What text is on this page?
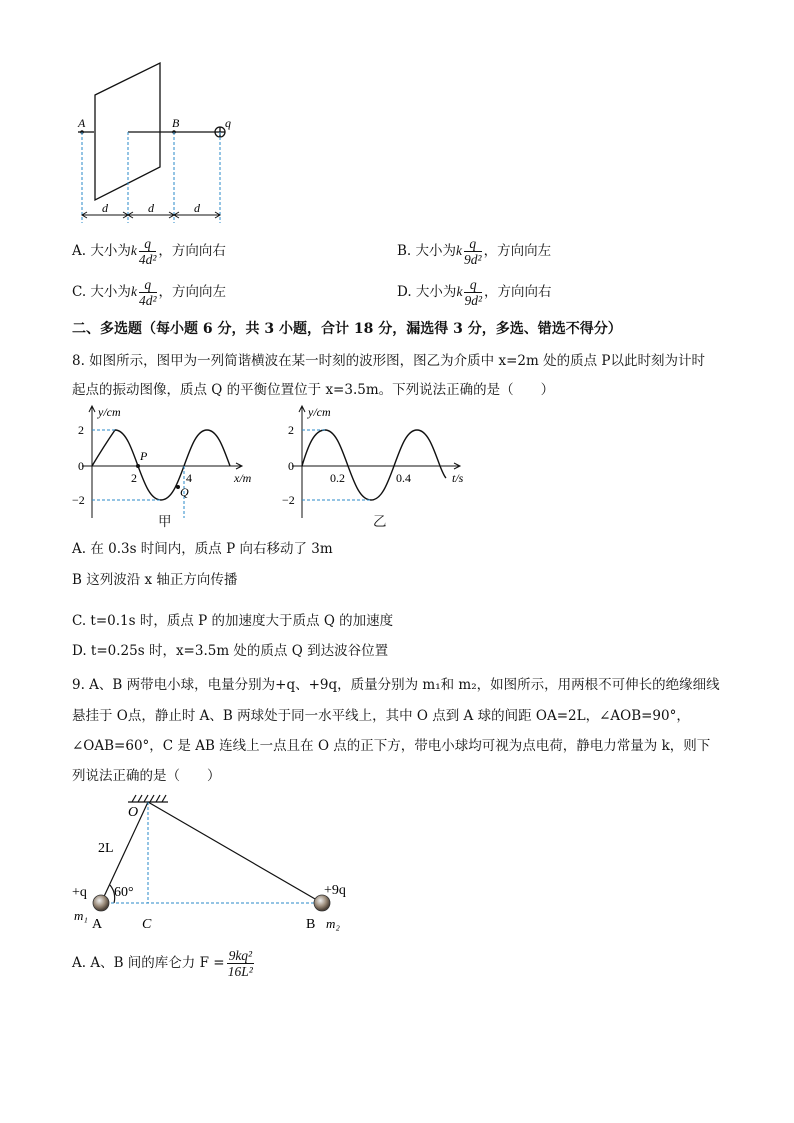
A	B	q
d	d	d
A. 大小为k $\frac{q}{\text{4d²}}$ ，方向向右	B. 大小为k $\frac{q}{\text{9d²}}$ ，方向向左
C. 大小为k $\frac{q}{\text{4d²}}$ ，方向向左	D. 大小为k $\frac{q}{\text{9d²}}$ ，方向向右
二、多选题（每小题 6 分，共 3 小题，合计 18 分，漏选得 3 分，多选、错选不得分）
8. 如图所示，图甲为一列简谐横波在某一时刻的波形图，图乙为介质中 x=2m 处的质点 P以此时刻为计时
起点的振动图像，质点 Q 的平衡位置位于 x=3.5m。下列说法正确的是（　　）
y/cm
x/m
2
0
−2
2	4
P
Q
甲
y/cm
t/s
2
0
−2
0.2	0.4
乙
A. 在 0.3s 时间内，质点 P 向右移动了 3m
B 这列波沿 x 轴正方向传播
C. t=0.1s 时，质点 P 的加速度大于质点 Q 的加速度
D. t=0.25s 时，x=3.5m 处的质点 Q 到达波谷位置
9. A、B 两带电小球，电量分别为+q、+9q，质量分别为 m₁和 m₂，如图所示，用两根不可伸长的绝缘细线
悬挂于 O点，静止时 A、B 两球处于同一水平线上，其中 O 点到 A 球的间距 OA=2L，∠AOB=90°，
∠OAB=60°，C 是 AB 连线上一点且在 O 点的正下方，带电小球均可视为点电荷，静电力常量为 k，则下
列说法正确的是（　　）
O
2L
+q 60°	+9q
m₁
A	C	B m₂
A. A、B 间的库仑力 $F = \frac{\text{9kq²}}{\text{16L²}}$
